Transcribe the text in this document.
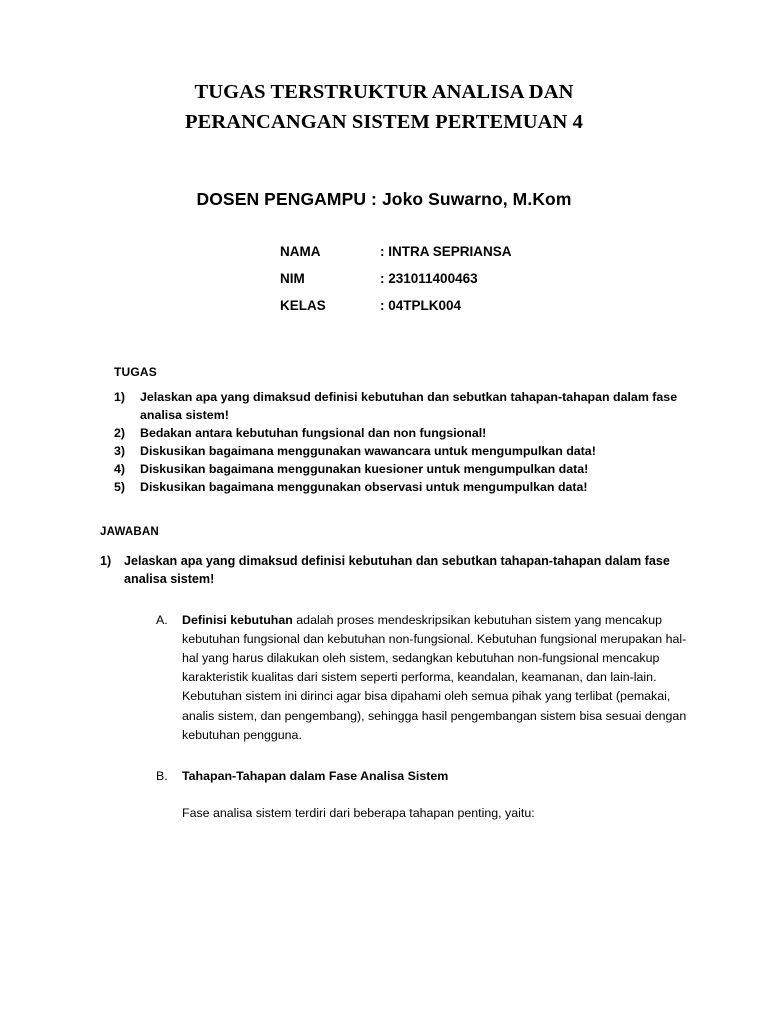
TUGAS TERSTRUKTUR ANALISA DAN
PERANCANGAN SISTEM PERTEMUAN 4
DOSEN PENGAMPU : Joko Suwarno, M.Kom
NAMA	: INTRA SEPRIANSA
NIM	: 231011400463
KELAS	: 04TPLK004
TUGAS
1)	Jelaskan apa yang dimaksud definisi kebutuhan dan sebutkan tahapan-tahapan dalam fase analisa sistem!
2)	Bedakan antara kebutuhan fungsional dan non fungsional!
3)	Diskusikan bagaimana menggunakan wawancara untuk mengumpulkan data!
4)	Diskusikan bagaimana menggunakan kuesioner untuk mengumpulkan data!
5)	Diskusikan bagaimana menggunakan observasi untuk mengumpulkan data!
JAWABAN
1)	Jelaskan apa yang dimaksud definisi kebutuhan dan sebutkan tahapan-tahapan dalam fase analisa sistem!
A.	Definisi kebutuhan adalah proses mendeskripsikan kebutuhan sistem yang mencakup kebutuhan fungsional dan kebutuhan non-fungsional. Kebutuhan fungsional merupakan hal-hal yang harus dilakukan oleh sistem, sedangkan kebutuhan non-fungsional mencakup karakteristik kualitas dari sistem seperti performa, keandalan, keamanan, dan lain-lain. Kebutuhan sistem ini dirinci agar bisa dipahami oleh semua pihak yang terlibat (pemakai, analis sistem, dan pengembang), sehingga hasil pengembangan sistem bisa sesuai dengan kebutuhan pengguna.
B.	Tahapan-Tahapan dalam Fase Analisa Sistem
Fase analisa sistem terdiri dari beberapa tahapan penting, yaitu:
